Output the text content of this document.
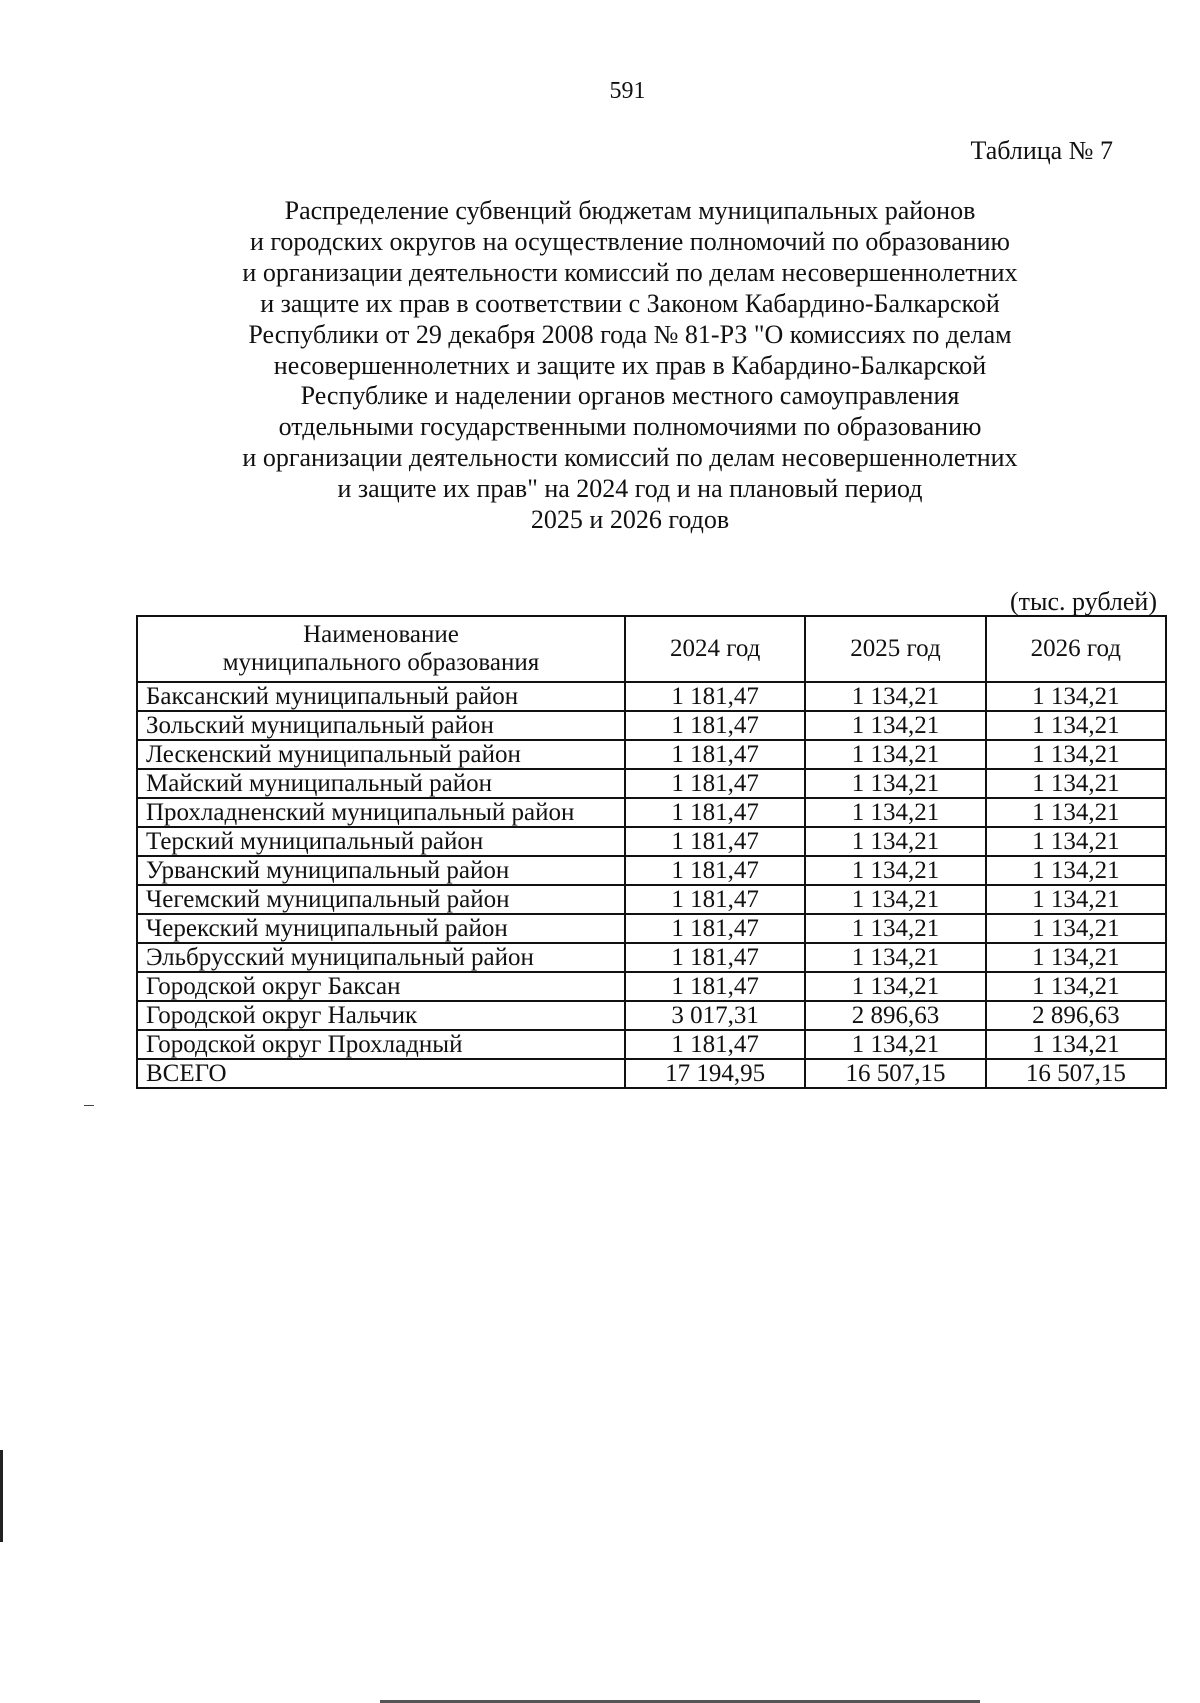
591
Таблица № 7
Распределение субвенций бюджетам муниципальных районов
и городских округов на осуществление полномочий по образованию
и организации деятельности комиссий по делам несовершеннолетних
и защите их прав в соответствии с Законом Кабардино-Балкарской
Республики от 29 декабря 2008 года № 81-РЗ "О комиссиях по делам
несовершеннолетних и защите их прав в Кабардино-Балкарской
Республике и наделении органов местного самоуправления
отдельными государственными полномочиями по образованию
и организации деятельности комиссий по делам несовершеннолетних
и защите их прав" на 2024 год и на плановый период
2025 и 2026 годов
(тыс. рублей)
Наименование
муниципального образования	2024 год	2025 год	2026 год
Баксанский муниципальный район	1 181,47	1 134,21	1 134,21
Зольский муниципальный район	1 181,47	1 134,21	1 134,21
Лескенский муниципальный район	1 181,47	1 134,21	1 134,21
Майский муниципальный район	1 181,47	1 134,21	1 134,21
Прохладненский муниципальный район	1 181,47	1 134,21	1 134,21
Терский муниципальный район	1 181,47	1 134,21	1 134,21
Урванский муниципальный район	1 181,47	1 134,21	1 134,21
Чегемский муниципальный район	1 181,47	1 134,21	1 134,21
Черекский муниципальный район	1 181,47	1 134,21	1 134,21
Эльбрусский муниципальный район	1 181,47	1 134,21	1 134,21
Городской округ Баксан	1 181,47	1 134,21	1 134,21
Городской округ Нальчик	3 017,31	2 896,63	2 896,63
Городской округ Прохладный	1 181,47	1 134,21	1 134,21
ВСЕГО	17 194,95	16 507,15	16 507,15
